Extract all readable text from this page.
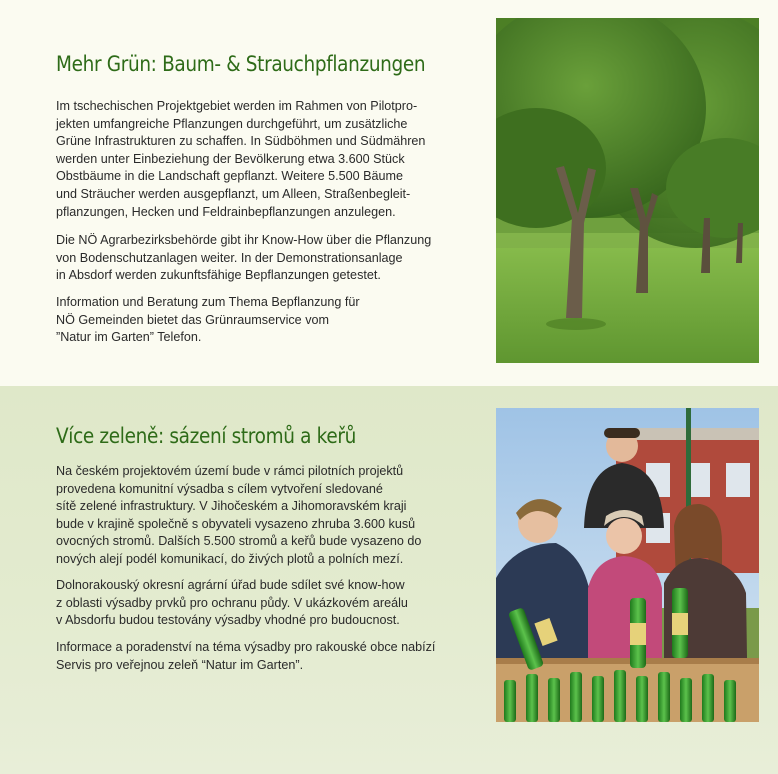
Mehr Grün: Baum- & Strauchpflanzungen

Im tschechischen Projektgebiet werden im Rahmen von Pilotpro-
jekten umfangreiche Pflanzungen durchgeführt, um zusätzliche
Grüne Infrastrukturen zu schaffen. In Südböhmen und Südmähren
werden unter Einbeziehung der Bevölkerung etwa 3.600 Stück
Obstbäume in die Landschaft gepflanzt. Weitere 5.500 Bäume
und Sträucher werden ausgepflanzt, um Alleen, Straßenbegleit-
pflanzungen, Hecken und Feldrainbepflanzungen anzulegen.

Die NÖ Agrarbezirksbehörde gibt ihr Know-How über die Pflanzung
von Bodenschutzanlagen weiter. In der Demonstrationsanlage
in Absdorf werden zukunftsfähige Bepflanzungen getestet.

Information und Beratung zum Thema Bepflanzung für
NÖ Gemeinden bietet das Grünraumservice vom
”Natur im Garten” Telefon.

Více zeleně: sázení stromů a keřů

Na českém projektovém území bude v rámci pilotních projektů
provedena komunitní výsadba s cílem vytvoření sledované
sítě zelené infrastruktury. V Jihočeském a Jihomoravském kraji
bude v krajině společně s obyvateli vysazeno zhruba 3.600 kusů
ovocných stromů. Dalších 5.500 stromů a keřů bude vysazeno do
nových alejí podél komunikací, do živých plotů a polních mezí.

Dolnorakouský okresní agrární úřad bude sdílet své know-how
z oblasti výsadby prvků pro ochranu půdy. V ukázkovém areálu
v Absdorfu budou testovány výsadby vhodné pro budoucnost.

Informace a poradenství na téma výsadby pro rakouské obce nabízí
Servis pro veřejnou zeleň “Natur im Garten”.
